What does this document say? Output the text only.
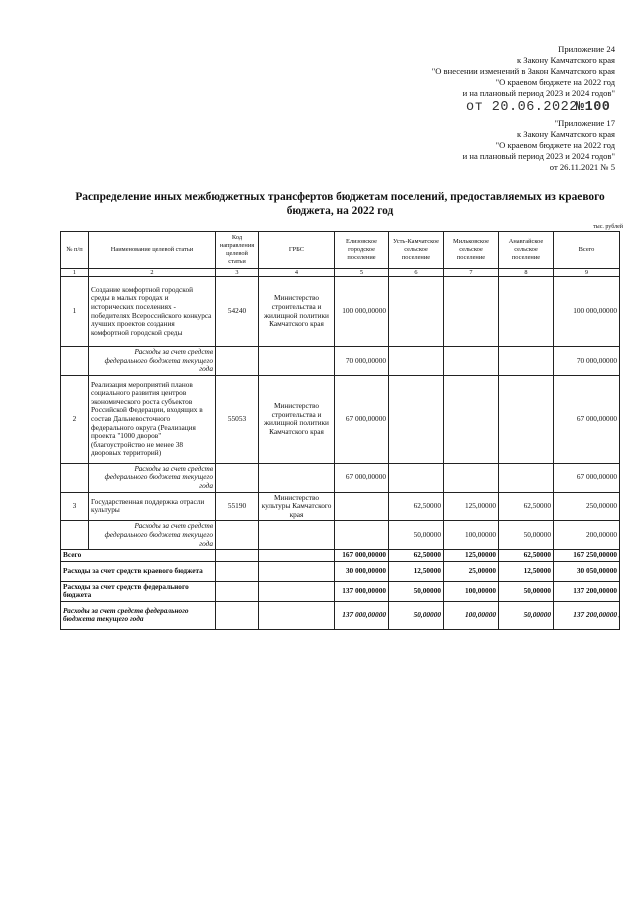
Приложение 24
к Закону Камчатского края
"О внесении изменений в Закон Камчатского края
"О краевом бюджете на 2022 год
и на плановый период 2023 и 2024 годов"
от 20.06.2022
№100
"Приложение 17
к Закону Камчатского края
"О краевом бюджете на 2022 год
и на плановый период 2023 и 2024 годов"
от 26.11.2021 № 5
Распределение иных межбюджетных трансфертов бюджетам поселений, предоставляемых из краевого бюджета, на 2022 год
тыс. рублей
№ п/п	Наименование целевой статьи	Код направления целевой статьи	ГРБС	Елизовское городское поселение	Усть-Камчатское сельское поселение	Мильковское сельское поселение	Анавгайское сельское поселение	Всего
1	2	3	4	5	6	7	8	9
1	Создание комфортной городской среды в малых городах и исторических поселениях - победителях Всероссийского конкурса лучших проектов создания комфортной городской среды	54240	Министерство строительства и жилищной политики Камчатского края	100 000,00000				100 000,00000
	Расходы за счет средств федерального бюджета текущего года			70 000,00000				70 000,00000
2	Реализация мероприятий планов социального развития центров экономического роста субъектов Российской Федерации, входящих в состав Дальневосточного федерального округа (Реализация проекта "1000 дворов" (благоустройство не менее 38 дворовых территорий)	55053	Министерство строительства и жилищной политики Камчатского края	67 000,00000				67 000,00000
	Расходы за счет средств федерального бюджета текущего года			67 000,00000				67 000,00000
3	Государственная поддержка отрасли культуры	55190	Министерство культуры Камчатского края		62,50000	125,00000	62,50000	250,00000
	Расходы за счет средств федерального бюджета текущего года				50,00000	100,00000	50,00000	200,00000
Всего				167 000,00000	62,50000	125,00000	62,50000	167 250,00000
Расходы за счет средств краевого бюджета				30 000,00000	12,50000	25,00000	12,50000	30 050,00000
Расходы за счет средств федерального бюджета				137 000,00000	50,00000	100,00000	50,00000	137 200,00000
Расходы за счет средств федерального бюджета текущего года				137 000,00000	50,00000	100,00000	50,00000	137 200,00000 "
